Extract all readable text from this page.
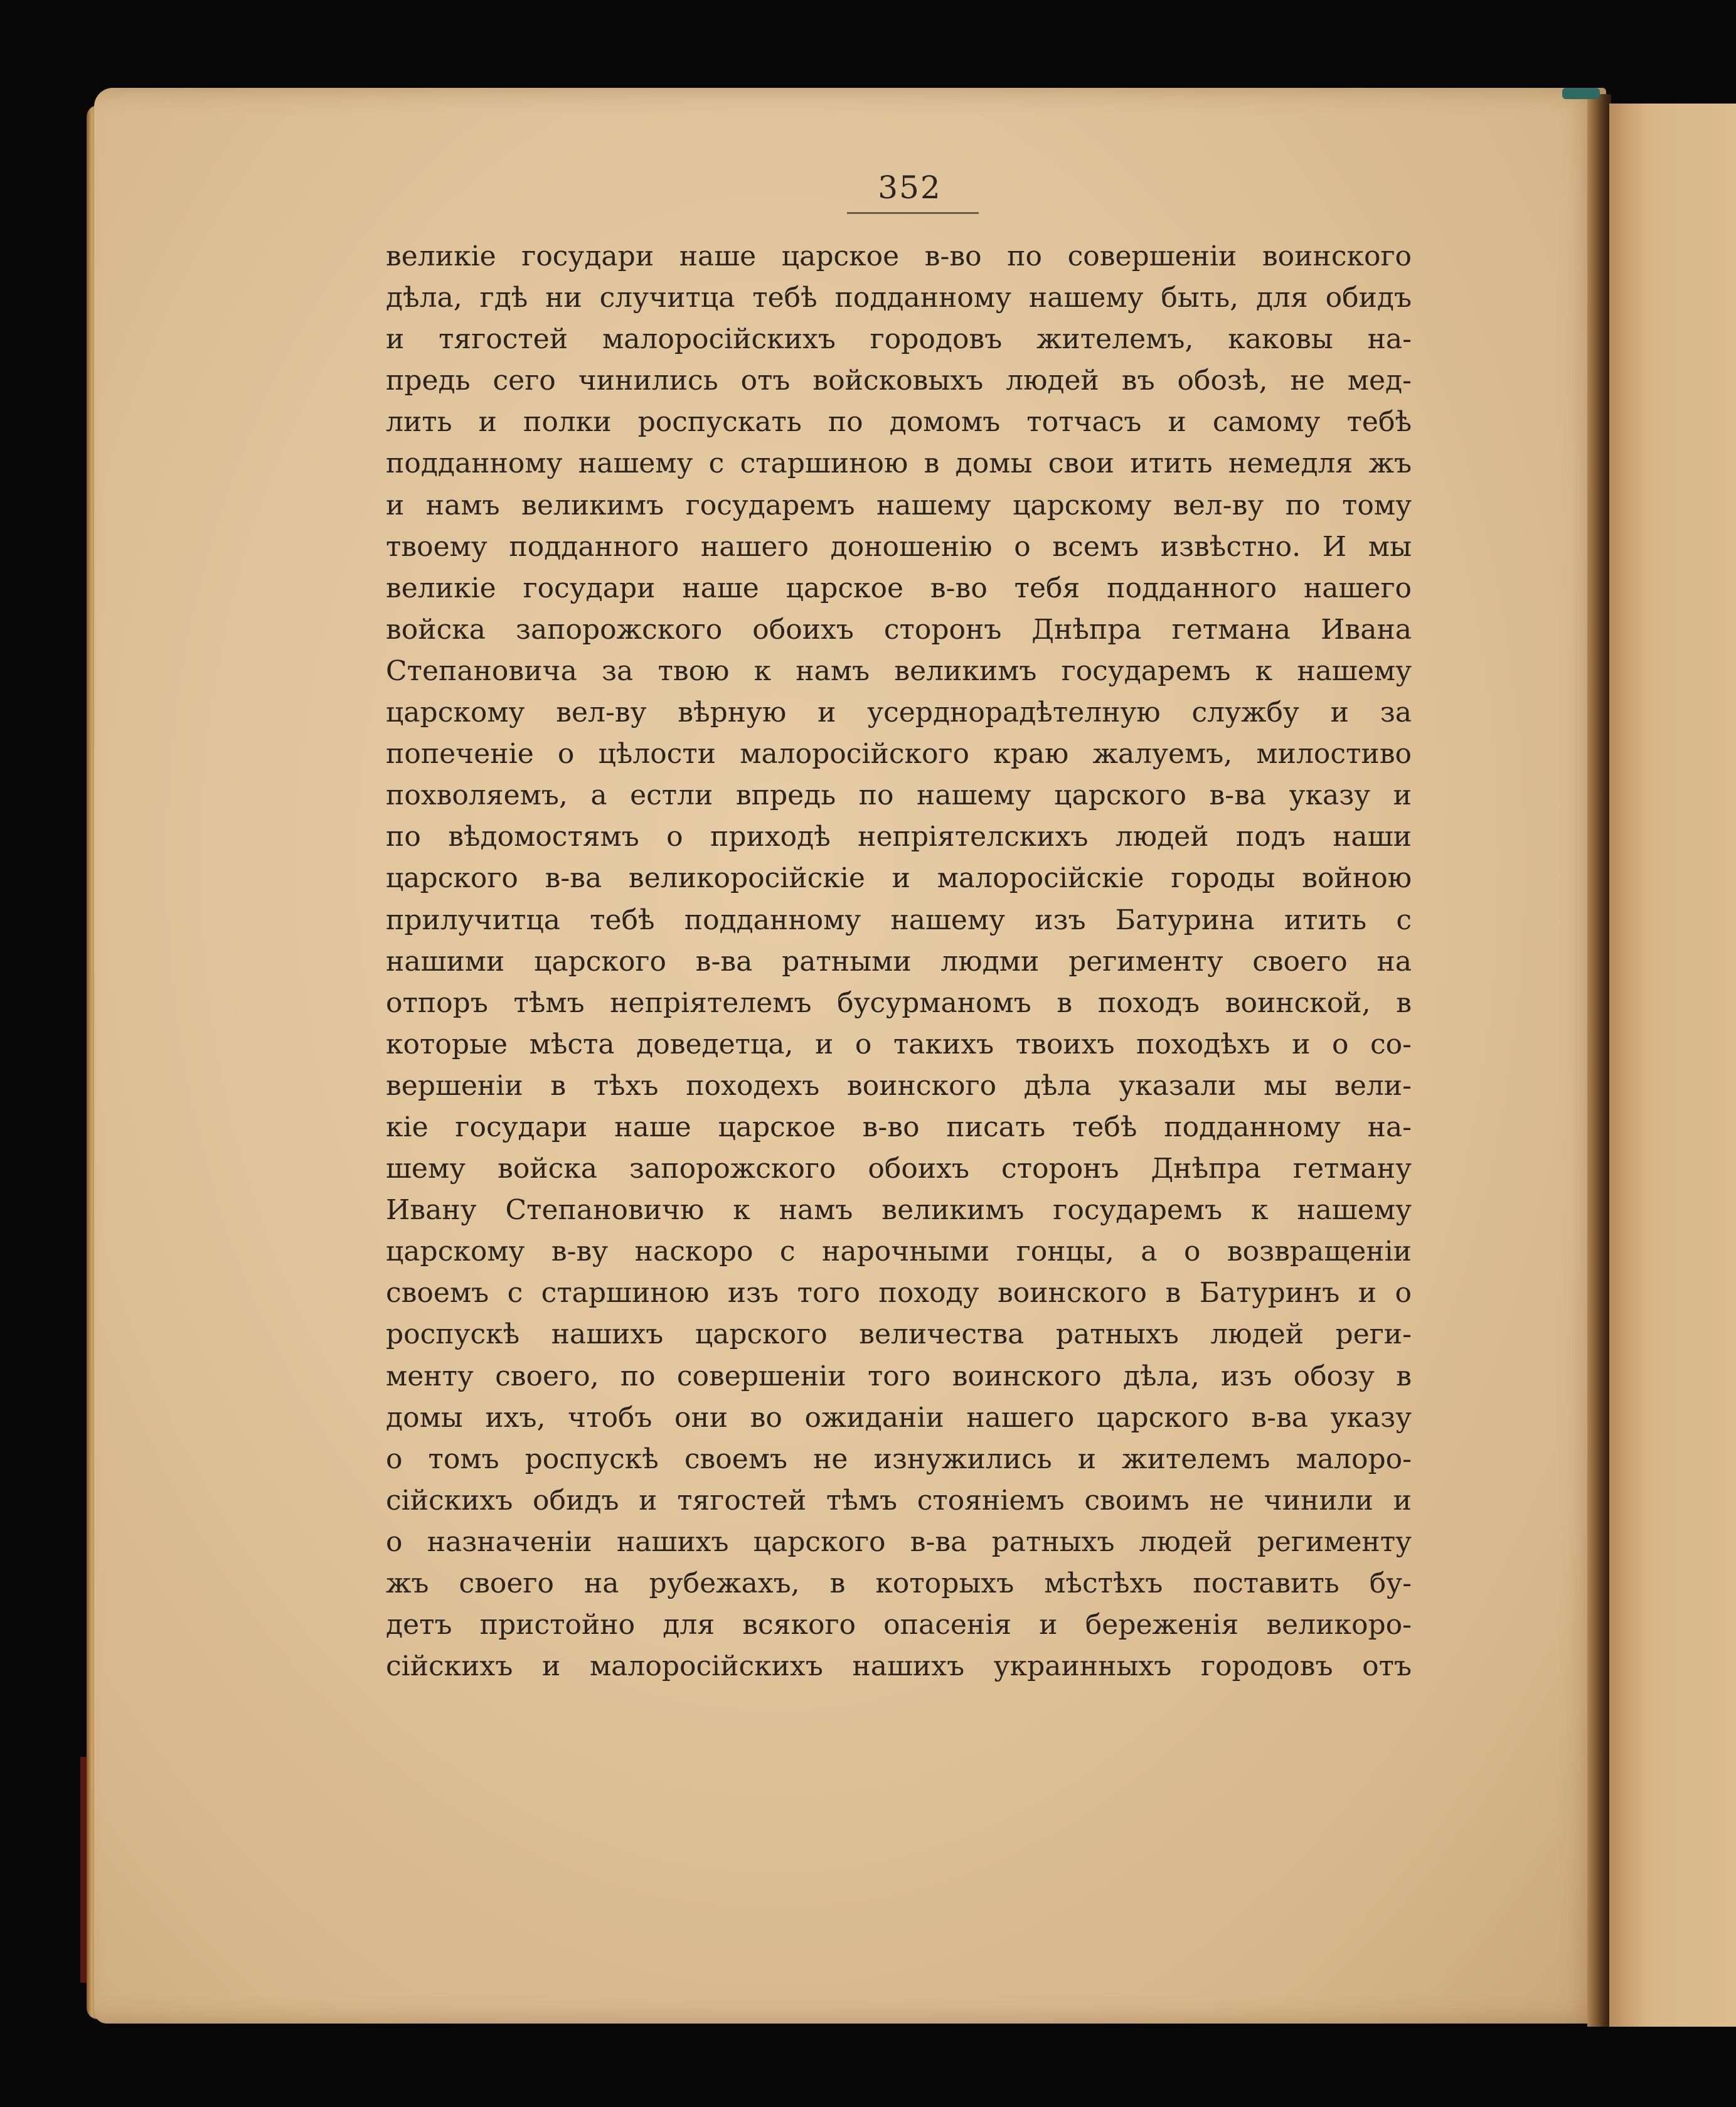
352
великіе государи наше царское в-во по совершеніи воинского
дѣла, гдѣ ни случитца тебѣ подданному нашему быть, для обидъ
и тягостей малоросійскихъ городовъ жителемъ, каковы на-
предь сего чинились отъ войсковыхъ людей въ обозѣ, не мед-
лить и полки роспускать по домомъ тотчасъ и самому тебѣ
подданному нашему с старшиною в домы свои итить немедля жъ
и намъ великимъ государемъ нашему царскому вел-ву по тому
твоему подданного нашего доношенію о всемъ извѣстно. И мы
великіе государи наше царское в-во тебя подданного нашего
войска запорожского обоихъ сторонъ Днѣпра гетмана Ивана
Степановича за твою к намъ великимъ государемъ к нашему
царскому вел-ву вѣрную и усерднорадѣтелную службу и за
попеченіе о цѣлости малоросійского краю жалуемъ, милостиво
похволяемъ, а естли впредь по нашему царского в-ва указу и
по вѣдомостямъ о приходѣ непріятелскихъ людей подъ наши
царского в-ва великоросійскіе и малоросійскіе городы войною
прилучитца тебѣ подданному нашему изъ Батурина итить с
нашими царского в-ва ратными людми регименту своего на
отпоръ тѣмъ непріятелемъ бусурманомъ в походъ воинской, в
которые мѣста доведетца, и о такихъ твоихъ походѣхъ и о со-
вершеніи в тѣхъ походехъ воинского дѣла указали мы вели-
кіе государи наше царское в-во писать тебѣ подданному на-
шему войска запорожского обоихъ сторонъ Днѣпра гетману
Ивану Степановичю к намъ великимъ государемъ к нашему
царскому в-ву наскоро с нарочными гонцы, а о возвращеніи
своемъ с старшиною изъ того походу воинского в Батуринъ и о
роспускѣ нашихъ царского величества ратныхъ людей реги-
менту своего, по совершеніи того воинского дѣла, изъ обозу в
домы ихъ, чтобъ они во ожиданіи нашего царского в-ва указу
о томъ роспускѣ своемъ не изнужились и жителемъ малоро-
сійскихъ обидъ и тягостей тѣмъ стояніемъ своимъ не чинили и
о назначеніи нашихъ царского в-ва ратныхъ людей регименту
жъ своего на рубежахъ, в которыхъ мѣстѣхъ поставить бу-
детъ пристойно для всякого опасенія и береженія великоро-
сійскихъ и малоросійскихъ нашихъ украинныхъ городовъ отъ
